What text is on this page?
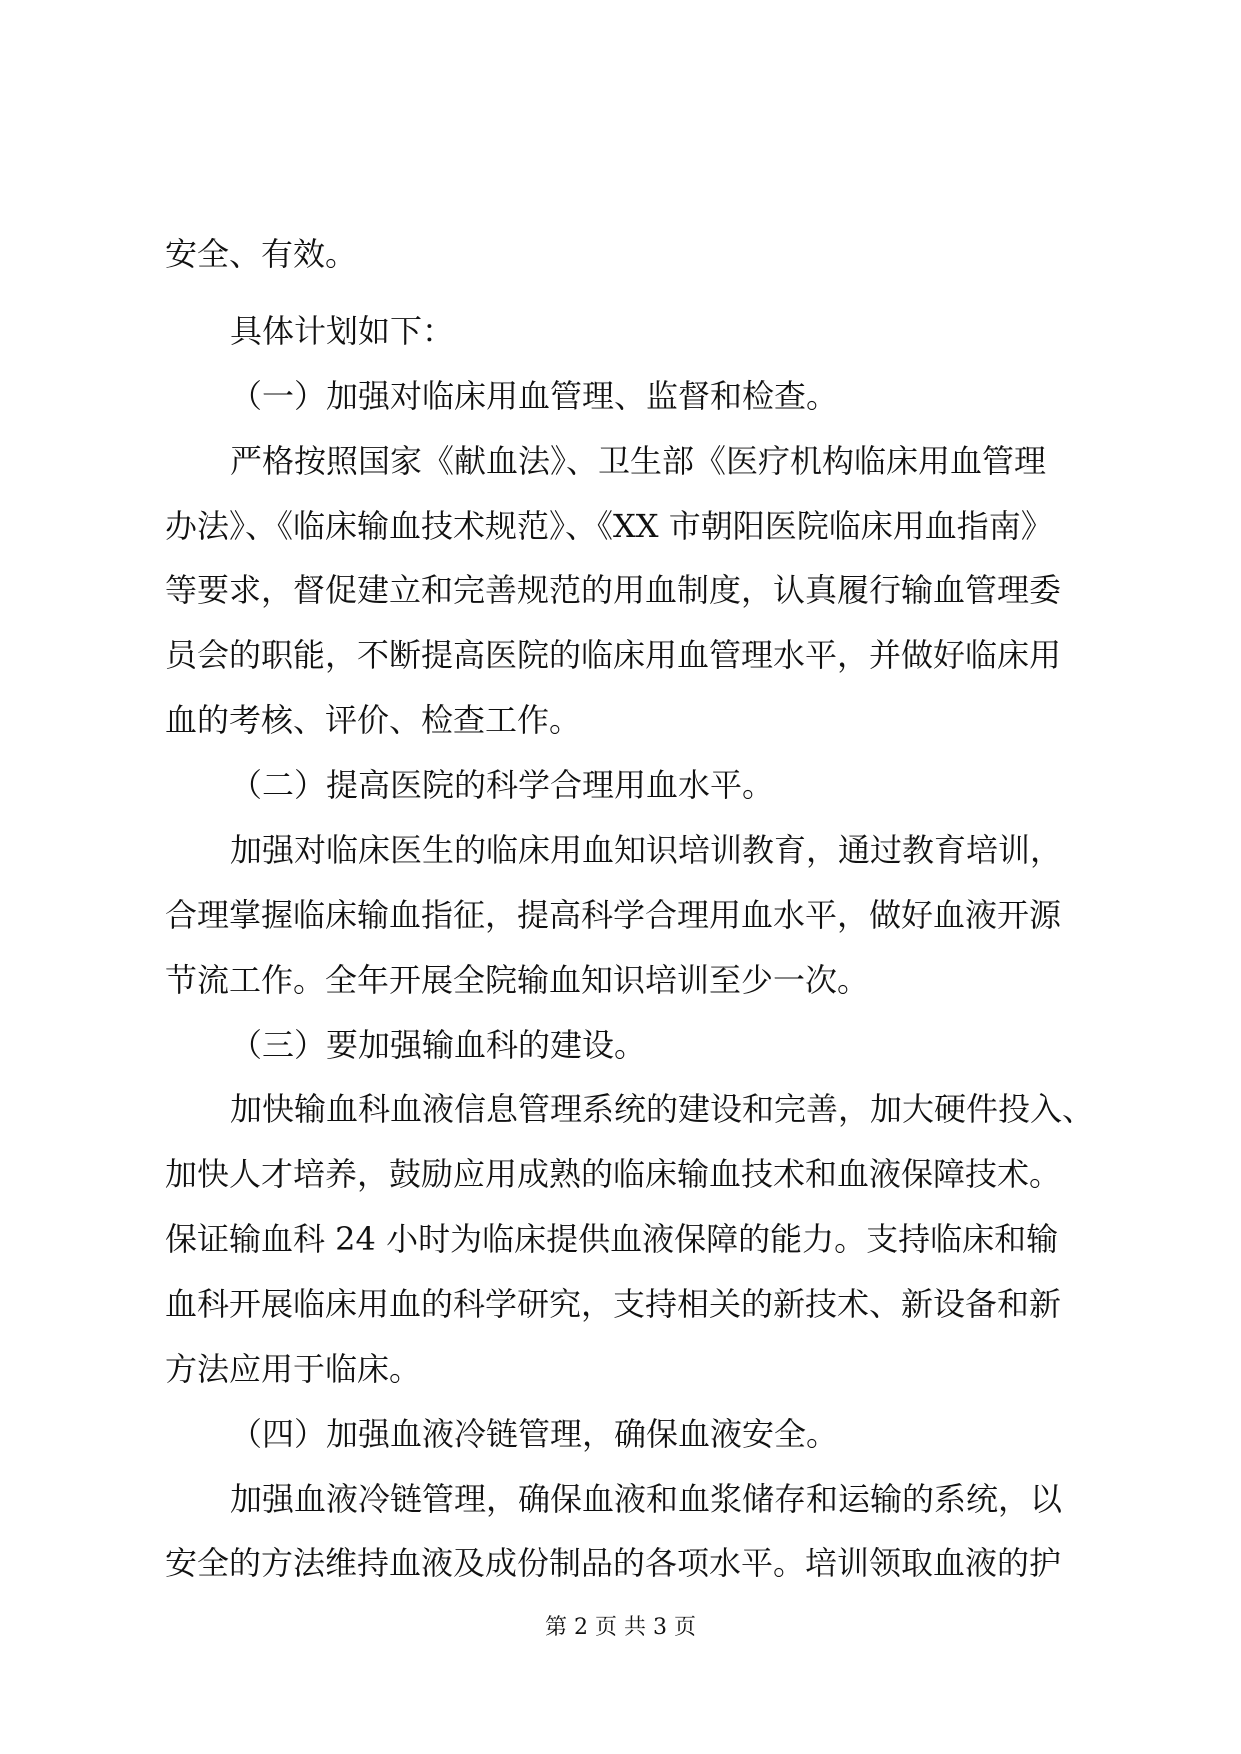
安全、有效。
具体计划如下：
（一）加强对临床用血管理、监督和检查。
严格按照国家《献血法》、卫生部《医疗机构临床用血管理
办法》、《临床输血技术规范》、《XX 市朝阳医院临床用血指南》
等要求，督促建立和完善规范的用血制度，认真履行输血管理委
员会的职能，不断提高医院的临床用血管理水平，并做好临床用
血的考核、评价、检查工作。
（二）提高医院的科学合理用血水平。
加强对临床医生的临床用血知识培训教育，通过教育培训，
合理掌握临床输血指征，提高科学合理用血水平，做好血液开源
节流工作。全年开展全院输血知识培训至少一次。
（三）要加强输血科的建设。
加快输血科血液信息管理系统的建设和完善，加大硬件投入、
加快人才培养，鼓励应用成熟的临床输血技术和血液保障技术。
保证输血科 24 小时为临床提供血液保障的能力。支持临床和输
血科开展临床用血的科学研究，支持相关的新技术、新设备和新
方法应用于临床。
（四）加强血液冷链管理，确保血液安全。
加强血液冷链管理，确保血液和血浆储存和运输的系统，以
安全的方法维持血液及成份制品的各项水平。培训领取血液的护
第 2 页 共 3 页
